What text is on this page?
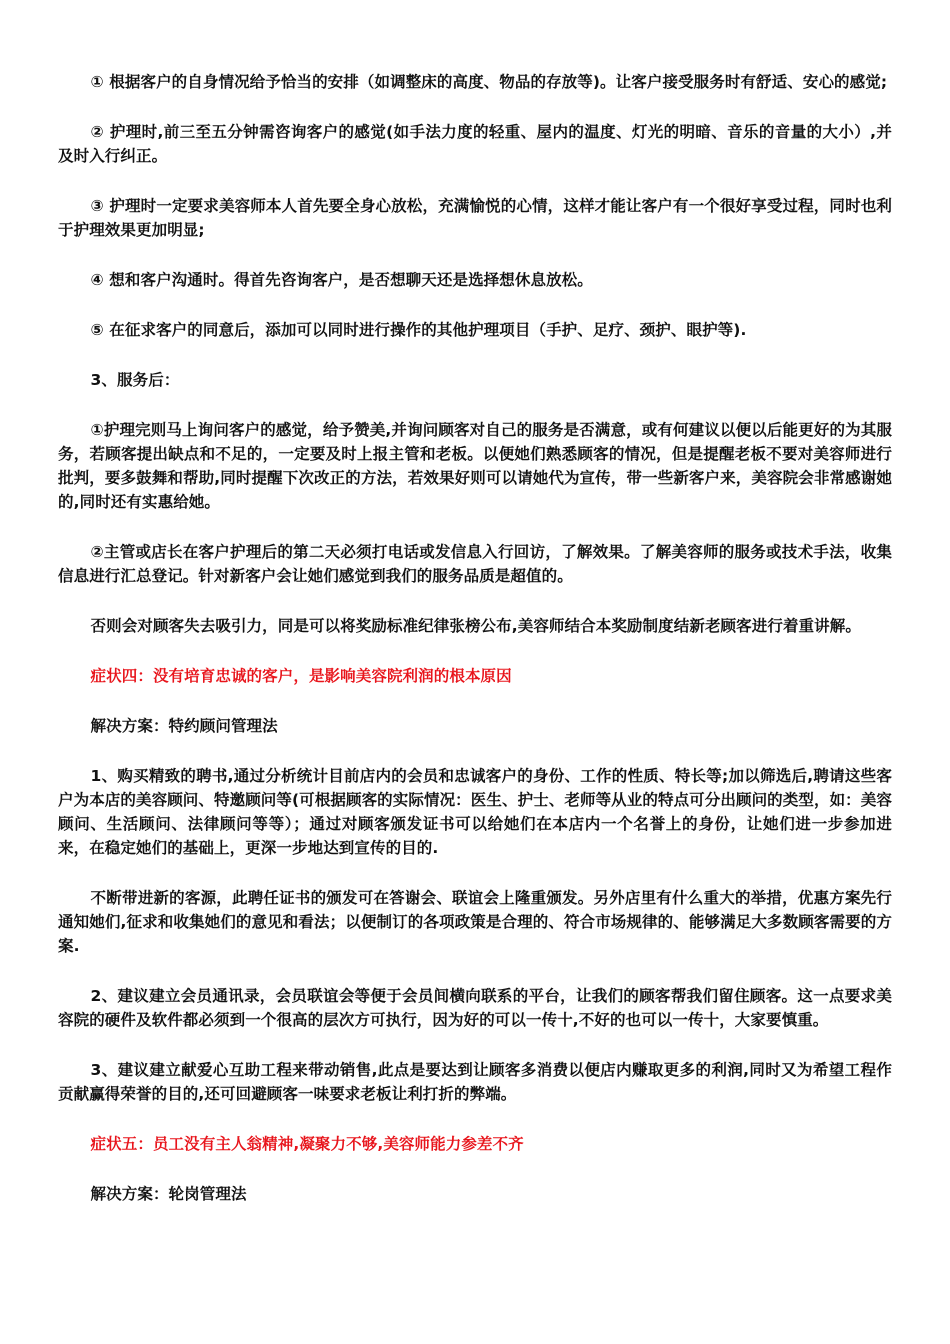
① 根据客户的自身情况给予恰当的安排（如调整床的高度、物品的存放等)。让客户接受服务时有舒适、安心的感觉;

② 护理时,前三至五分钟需咨询客户的感觉(如手法力度的轻重、屋内的温度、灯光的明暗、音乐的音量的大小）,并及时入行纠正。

③ 护理时一定要求美容师本人首先要全身心放松，充满愉悦的心情，这样才能让客户有一个很好享受过程，同时也利于护理效果更加明显;

④ 想和客户沟通时。得首先咨询客户，是否想聊天还是选择想休息放松。

⑤ 在征求客户的同意后，添加可以同时进行操作的其他护理项目（手护、足疗、颈护、眼护等).

3、服务后：

①护理完则马上询问客户的感觉，给予赞美,并询问顾客对自己的服务是否满意，或有何建议以便以后能更好的为其服务，若顾客提出缺点和不足的，一定要及时上报主管和老板。以便她们熟悉顾客的情况，但是提醒老板不要对美容师进行批判，要多鼓舞和帮助,同时提醒下次改正的方法，若效果好则可以请她代为宣传，带一些新客户来，美容院会非常感谢她的,同时还有实惠给她。

②主管或店长在客户护理后的第二天必须打电话或发信息入行回访，了解效果。了解美容师的服务或技术手法，收集信息进行汇总登记。针对新客户会让她们感觉到我们的服务品质是超值的。

否则会对顾客失去吸引力，同是可以将奖励标准纪律张榜公布,美容师结合本奖励制度结新老顾客进行着重讲解。

症状四：没有培育忠诚的客户，是影响美容院利润的根本原因

解决方案：特约顾问管理法

1、购买精致的聘书,通过分析统计目前店内的会员和忠诚客户的身份、工作的性质、特长等;加以筛选后,聘请这些客户为本店的美容顾问、特邀顾问等(可根据顾客的实际情况：医生、护士、老师等从业的特点可分出顾问的类型，如：美容顾问、生活顾问、法律顾问等等）；通过对顾客颁发证书可以给她们在本店内一个名誉上的身份，让她们进一步参加进来，在稳定她们的基础上，更深一步地达到宣传的目的.

不断带进新的客源，此聘任证书的颁发可在答谢会、联谊会上隆重颁发。另外店里有什么重大的举措，优惠方案先行通知她们,征求和收集她们的意见和看法；以便制订的各项政策是合理的、符合市场规律的、能够满足大多数顾客需要的方案.

2、建议建立会员通讯录，会员联谊会等便于会员间横向联系的平台，让我们的顾客帮我们留住顾客。这一点要求美容院的硬件及软件都必须到一个很高的层次方可执行，因为好的可以一传十,不好的也可以一传十，大家要慎重。

3、建议建立献爱心互助工程来带动销售,此点是要达到让顾客多消费以便店内赚取更多的利润,同时又为希望工程作贡献赢得荣誉的目的,还可回避顾客一味要求老板让利打折的弊端。

症状五：员工没有主人翁精神,凝聚力不够,美容师能力参差不齐

解决方案：轮岗管理法
